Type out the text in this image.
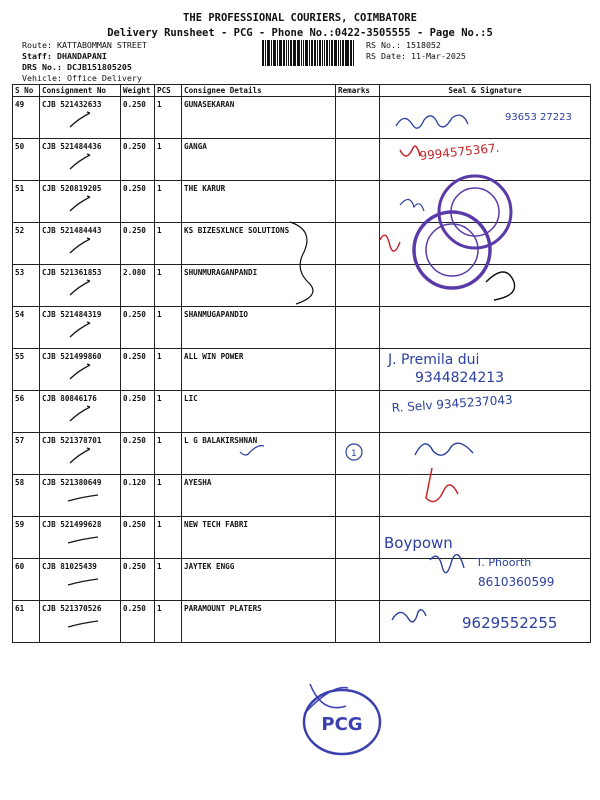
THE PROFESSIONAL COURIERS, COIMBATORE
Delivery Runsheet - PCG - Phone No.:0422-3505555 - Page No.:5
Route: KATTABOMMAN STREET
Staff: DHANDAPANI
DRS No.: DCJB151805205
Vehicle: Office Delivery
RS No.: 1518052
RS Date: 11-Mar-2025
S No	Consignment No	Weight	PCS	Consignee Details	Remarks	Seal & Signature
49	CJB 521432633	0.250	1	GUNASEKARAN		
50	CJB 521484436	0.250	1	GANGA		
51	CJB 520819205	0.250	1	THE KARUR		
52	CJB 521484443	0.250	1	KS BIZESXLNCE SOLUTIONS		
53	CJB 521361853	2.080	1	SHUNMURAGANPANDI		
54	CJB 521484319	0.250	1	SHANMUGAPANDIO		
55	CJB 521499860	0.250	1	ALL WIN POWER		
56	CJB 80846176	0.250	1	LIC		
57	CJB 521378701	0.250	1	L G BALAKIRSHNAN		
58	CJB 521380649	0.120	1	AYESHA		
59	CJB 521499628	0.250	1	NEW TECH FABRI		
60	CJB 81025439	0.250	1	JAYTEK ENGG		
61	CJB 521370526	0.250	1	PARAMOUNT PLATERS		
93653 27223
9994575367.
J. Premila dui
9344824213
R. Selv 9345237043
1
Boypown
T. Phoorth
8610360599
9629552255
PCG
